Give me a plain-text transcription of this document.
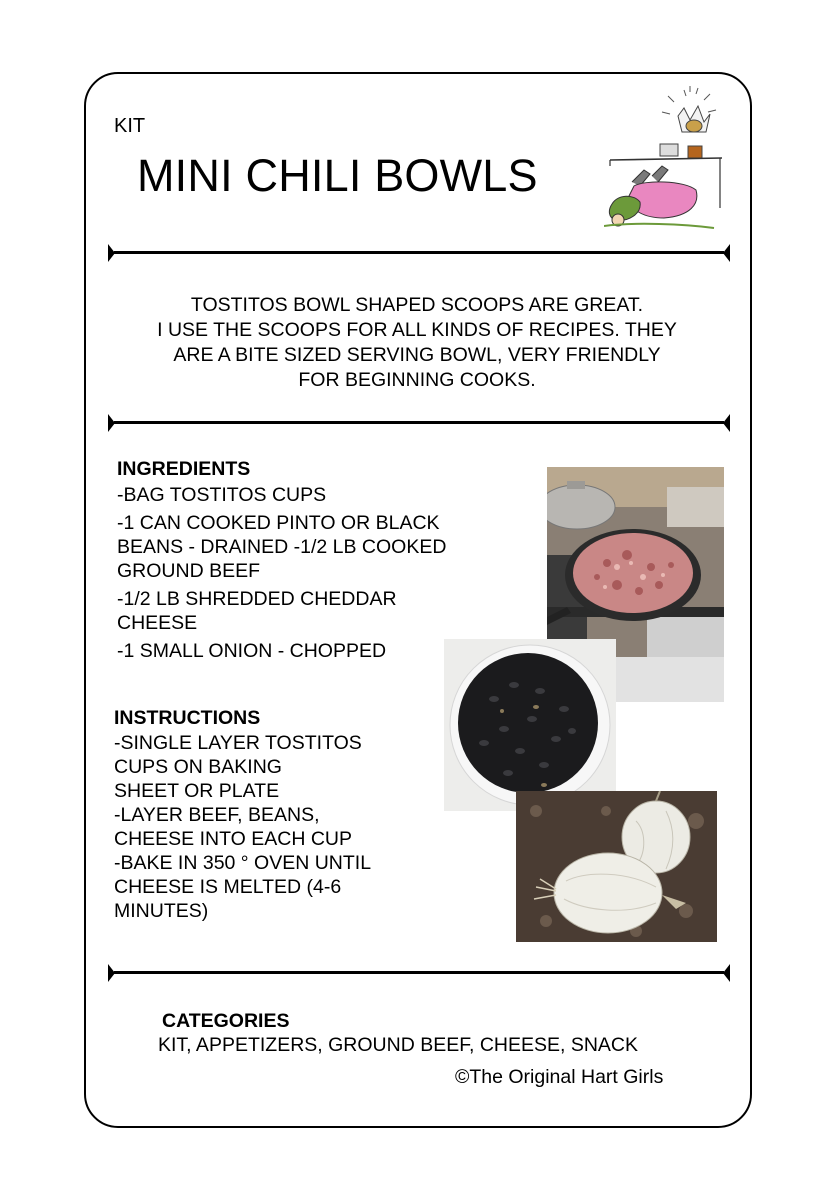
KIT
MINI CHILI BOWLS
TOSTITOS BOWL SHAPED SCOOPS ARE GREAT.
I USE THE SCOOPS FOR ALL KINDS OF RECIPES. THEY
ARE A BITE SIZED SERVING BOWL, VERY FRIENDLY
FOR BEGINNING COOKS.
INGREDIENTS
-BAG TOSTITOS CUPS
-1 CAN COOKED PINTO OR BLACK BEANS - DRAINED -1/2 LB COOKED GROUND BEEF
-1/2 LB SHREDDED CHEDDAR CHEESE
-1 SMALL ONION - CHOPPED
INSTRUCTIONS
-SINGLE LAYER TOSTITOS
CUPS ON BAKING
SHEET OR PLATE
-LAYER BEEF, BEANS,
CHEESE INTO EACH CUP
-BAKE IN 350 ° OVEN UNTIL
CHEESE IS MELTED (4-6
MINUTES)
CATEGORIES
KIT, APPETIZERS, GROUND BEEF, CHEESE, SNACK
©The Original Hart Girls
